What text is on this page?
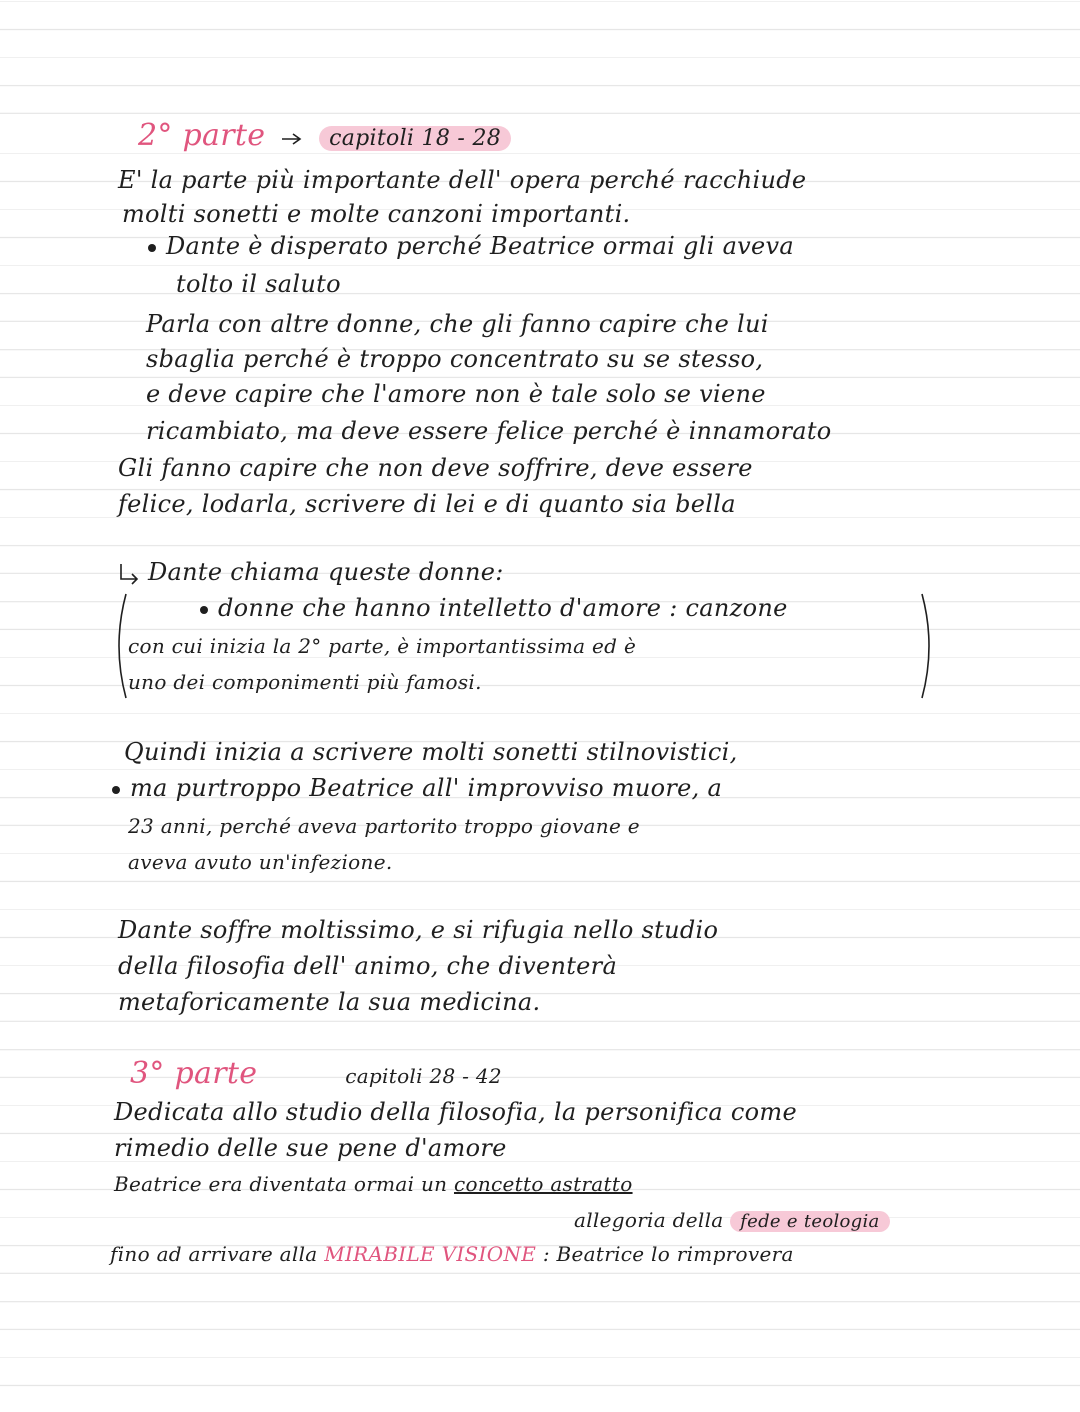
2° parte	capitoli 18 - 28
E' la parte più importante dell' opera perché racchiude
molti sonetti e molte canzoni importanti.
Dante è disperato perché Beatrice ormai gli aveva
tolto il saluto
Parla con altre donne, che gli fanno capire che lui
sbaglia perché è troppo concentrato su se stesso,
e deve capire che l'amore non è tale solo se viene
ricambiato, ma deve essere felice perché è innamorato
Gli fanno capire che non deve soffrire, deve essere
felice, lodarla, scrivere di lei e di quanto sia bella
Dante chiama queste donne:
donne che hanno intelletto d'amore : canzone
con cui inizia la 2° parte, è importantissima ed è
uno dei componimenti più famosi.
Quindi inizia a scrivere molti sonetti stilnovistici,
ma purtroppo Beatrice all' improvviso muore, a
23 anni, perché aveva partorito troppo giovane e
aveva avuto un'infezione.
Dante soffre moltissimo, e si rifugia nello studio
della filosofia dell' animo, che diventerà
metaforicamente la sua medicina.
3° parte	capitoli 28 - 42
Dedicata allo studio della filosofia, la personifica come
rimedio delle sue pene d'amore
Beatrice era diventata ormai un concetto astratto
allegoria della fede e teologia
fino ad arrivare alla MIRABILE VISIONE : Beatrice lo rimprovera
